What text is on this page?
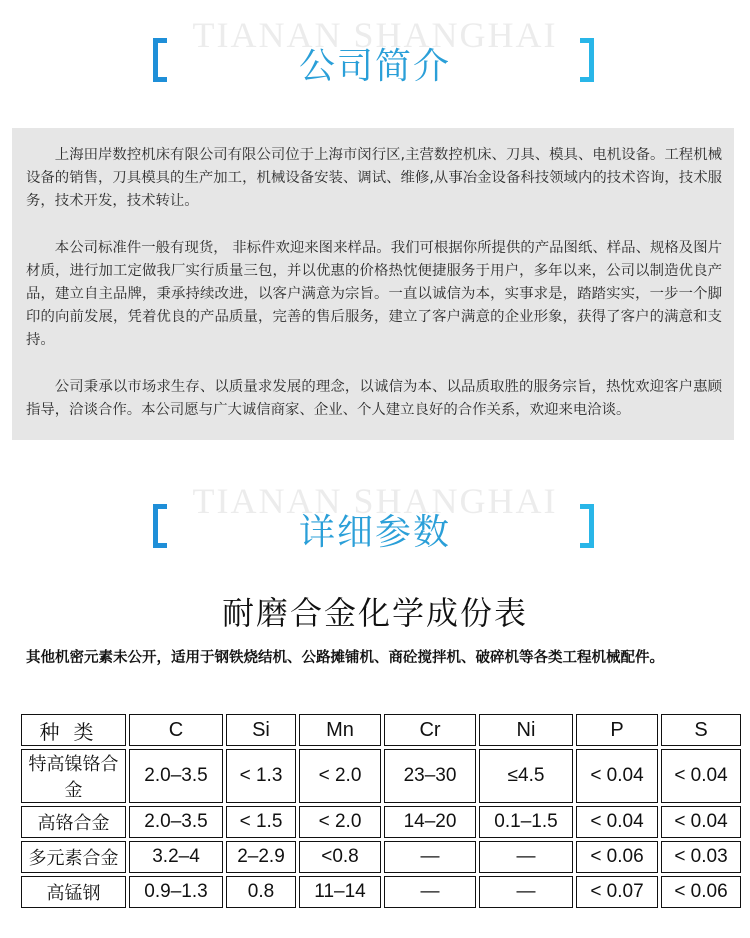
TIANAN SHANGHAI
公司简介

上海田岸数控机床有限公司有限公司位于上海市闵行区,主营数控机床、刀具、模具、电机设备。工程机械设备的销售，刀具模具的生产加工，机械设备安装、调试、维修,从事冶金设备科技领域内的技术咨询，技术服务，技术开发，技术转让。

本公司标准件一般有现货， 非标件欢迎来图来样品。我们可根据你所提供的产品图纸、样品、规格及图片材质，进行加工定做我厂实行质量三包，并以优惠的价格热忱便捷服务于用户，多年以来，公司以制造优良产品，建立自主品牌，秉承持续改进，以客户满意为宗旨。一直以诚信为本，实事求是，踏踏实实，一步一个脚印的向前发展，凭着优良的产品质量，完善的售后服务，建立了客户满意的企业形象，获得了客户的满意和支持。

公司秉承以市场求生存、以质量求发展的理念，以诚信为本、以品质取胜的服务宗旨，热忱欢迎客户惠顾指导，洽谈合作。本公司愿与广大诚信商家、企业、个人建立良好的合作关系，欢迎来电洽谈。

TIANAN SHANGHAI
详细参数
耐磨合金化学成份表
其他机密元素未公开，适用于钢铁烧结机、公路摊铺机、商砼搅拌机、破碎机等各类工程机械配件。
种类	C	Si	Mn	Cr	Ni	P	S
特高镍铬合金	2.0–3.5	< 1.3	< 2.0	23–30	≤4.5	< 0.04	< 0.04
高铬合金	2.0–3.5	< 1.5	< 2.0	14–20	0.1–1.5	< 0.04	< 0.04
多元素合金	3.2–4	2–2.9	<0.8	—	—	< 0.06	< 0.03
高锰钢	0.9–1.3	0.8	11–14	—	—	< 0.07	< 0.06
